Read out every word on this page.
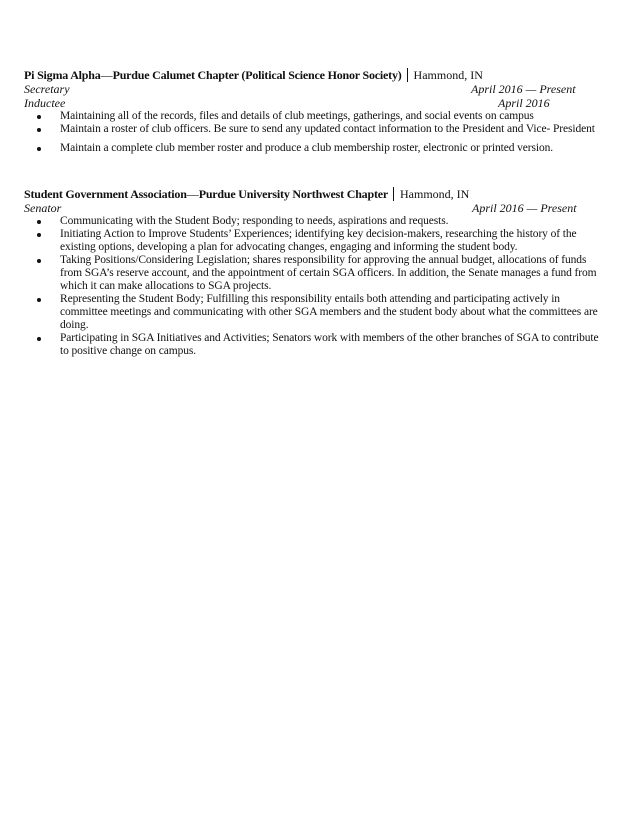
Pi Sigma Alpha — Purdue Calumet Chapter (Political Science Honor Society) Hammond, IN
Secretary	April 2016 — Present
Inductee	April 2016
Maintaining all of the records, files and details of club meetings, gatherings, and social events on campus
Maintain a roster of club officers. Be sure to send any updated contact information to the President and Vice- President
Maintain a complete club member roster and produce a club membership roster, electronic or printed version.
Student Government Association — Purdue University Northwest Chapter Hammond, IN
Senator	April 2016 — Present
Communicating with the Student Body; responding to needs, aspirations and requests.
Initiating Action to Improve Students’ Experiences; identifying key decision-makers, researching the history of the existing options, developing a plan for advocating changes, engaging and informing the student body.
Taking Positions/Considering Legislation; shares responsibility for approving the annual budget, allocations of funds from SGA’s reserve account, and the appointment of certain SGA officers. In addition, the Senate manages a fund from which it can make allocations to SGA projects.
Representing the Student Body; Fulfilling this responsibility entails both attending and participating actively in committee meetings and communicating with other SGA members and the student body about what the committees are doing.
Participating in SGA Initiatives and Activities; Senators work with members of the other branches of SGA to contribute to positive change on campus.
